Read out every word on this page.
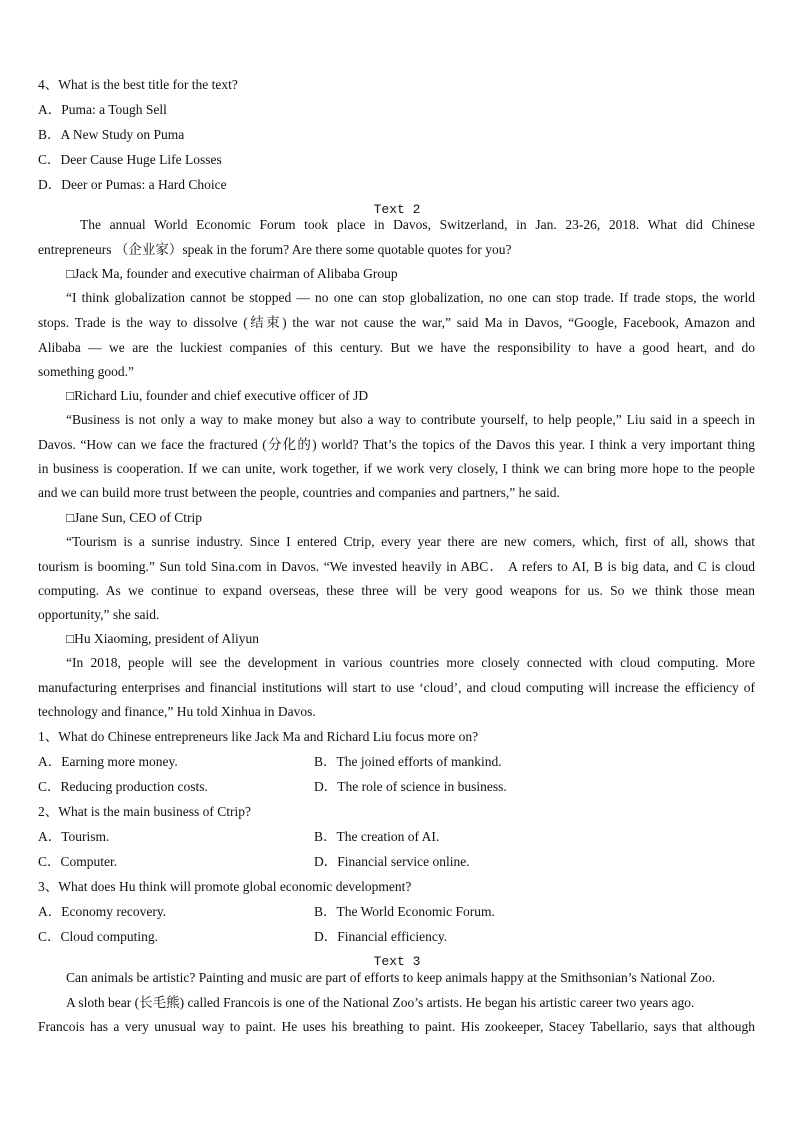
4、What is the best title for the text?
A．Puma: a Tough Sell
B．A New Study on Puma
C．Deer Cause Huge Life Losses
D．Deer or Pumas: a Hard Choice
Text 2
The annual World Economic Forum took place in Davos, Switzerland, in Jan. 23-26, 2018. What did Chinese
entrepreneurs （企业家）speak in the forum? Are there some quotable quotes for you?
□Jack Ma, founder and executive chairman of Alibaba Group
“I think globalization cannot be stopped — no one can stop globalization, no one can stop trade. If trade stops, the world
stops. Trade is the way to dissolve (结束) the war not cause the war,” said Ma in Davos, “Google, Facebook, Amazon and
Alibaba — we are the luckiest companies of this century. But we have the responsibility to have a good heart, and do
something good.”
□Richard Liu, founder and chief executive officer of JD
“Business is not only a way to make money but also a way to contribute yourself, to help people,” Liu said in a speech in
Davos. “How can we face the fractured (分化的) world? That’s the topics of the Davos this year. I think a very important thing
in business is cooperation. If we can unite, work together, if we work very closely, I think we can bring more hope to the people
and we can build more trust between the people, countries and companies and partners,” he said.
□Jane Sun, CEO of Ctrip
“Tourism is a sunrise industry. Since I entered Ctrip, every year there are new comers, which, first of all, shows that
tourism is booming.” Sun told Sina.com in Davos. “We invested heavily in ABC． A refers to AI, B is big data, and C is cloud
computing. As we continue to expand overseas, these three will be very good weapons for us. So we think those mean
opportunity,” she said.
□Hu Xiaoming, president of Aliyun
“In 2018, people will see the development in various countries more closely connected with cloud computing. More
manufacturing enterprises and financial institutions will start to use ‘cloud’, and cloud computing will increase the efficiency of
technology and finance,” Hu told Xinhua in Davos.
1、What do Chinese entrepreneurs like Jack Ma and Richard Liu focus more on?
A．Earning more money.	B．The joined efforts of mankind.
C．Reducing production costs.	D．The role of science in business.
2、What is the main business of Ctrip?
A．Tourism.	B．The creation of AI.
C．Computer.	D．Financial service online.
3、What does Hu think will promote global economic development?
A．Economy recovery.	B．The World Economic Forum.
C．Cloud computing.	D．Financial efficiency.
Text 3
Can animals be artistic? Painting and music are part of efforts to keep animals happy at the Smithsonian’s National Zoo.
A sloth bear (长毛熊) called Francois is one of the National Zoo’s artists. He began his artistic career two years ago.
Francois has a very unusual way to paint. He uses his breathing to paint. His zookeeper, Stacey Tabellario, says that although
